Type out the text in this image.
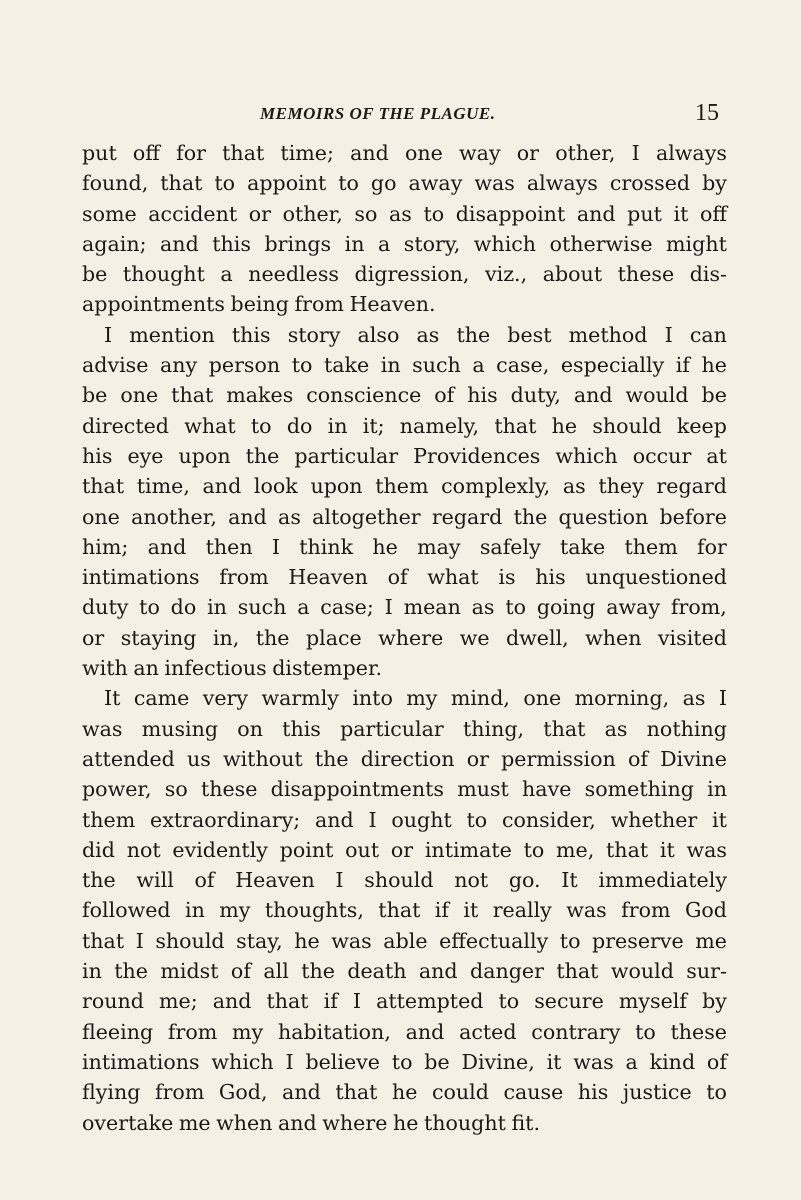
MEMOIRS OF THE PLAGUE.	15
put off for that time; and one way or other, I always
found, that to appoint to go away was always crossed by
some accident or other, so as to disappoint and put it off
again; and this brings in a story, which otherwise might
be thought a needless digression, viz., about these dis-
appointments being from Heaven.
I mention this story also as the best method I can
advise any person to take in such a case, especially if he
be one that makes conscience of his duty, and would be
directed what to do in it; namely, that he should keep
his eye upon the particular Providences which occur at
that time, and look upon them complexly, as they regard
one another, and as altogether regard the question before
him; and then I think he may safely take them for
intimations from Heaven of what is his unquestioned
duty to do in such a case; I mean as to going away from,
or staying in, the place where we dwell, when visited
with an infectious distemper.
It came very warmly into my mind, one morning, as I
was musing on this particular thing, that as nothing
attended us without the direction or permission of Divine
power, so these disappointments must have something in
them extraordinary; and I ought to consider, whether it
did not evidently point out or intimate to me, that it was
the will of Heaven I should not go. It immediately
followed in my thoughts, that if it really was from God
that I should stay, he was able effectually to preserve me
in the midst of all the death and danger that would sur-
round me; and that if I attempted to secure myself by
fleeing from my habitation, and acted contrary to these
intimations which I believe to be Divine, it was a kind of
flying from God, and that he could cause his justice to
overtake me when and where he thought fit.
